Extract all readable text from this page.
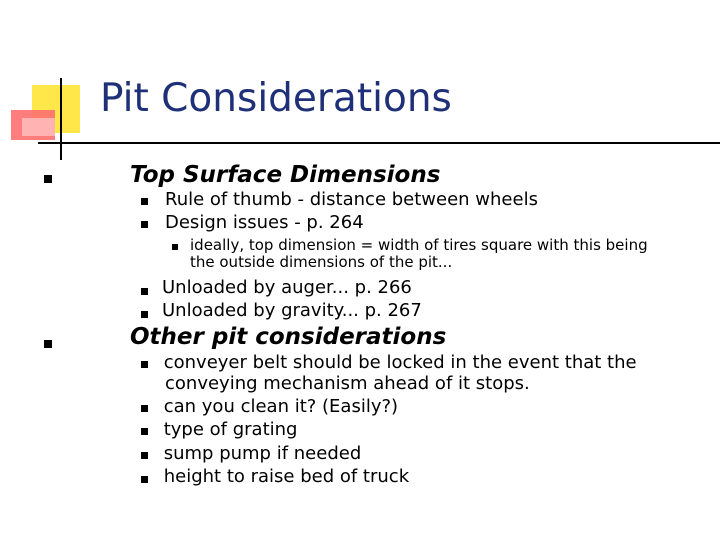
Pit Considerations
Top Surface Dimensions
Rule of thumb - distance between wheels
Design issues - p. 264
ideally, top dimension = width of tires square with this being
the outside dimensions of the pit...
Unloaded by auger... p. 266
Unloaded by gravity... p. 267
Other pit considerations
conveyer belt should be locked in the event that the
conveying mechanism ahead of it stops.
can you clean it? (Easily?)
type of grating
sump pump if needed
height to raise bed of truck
